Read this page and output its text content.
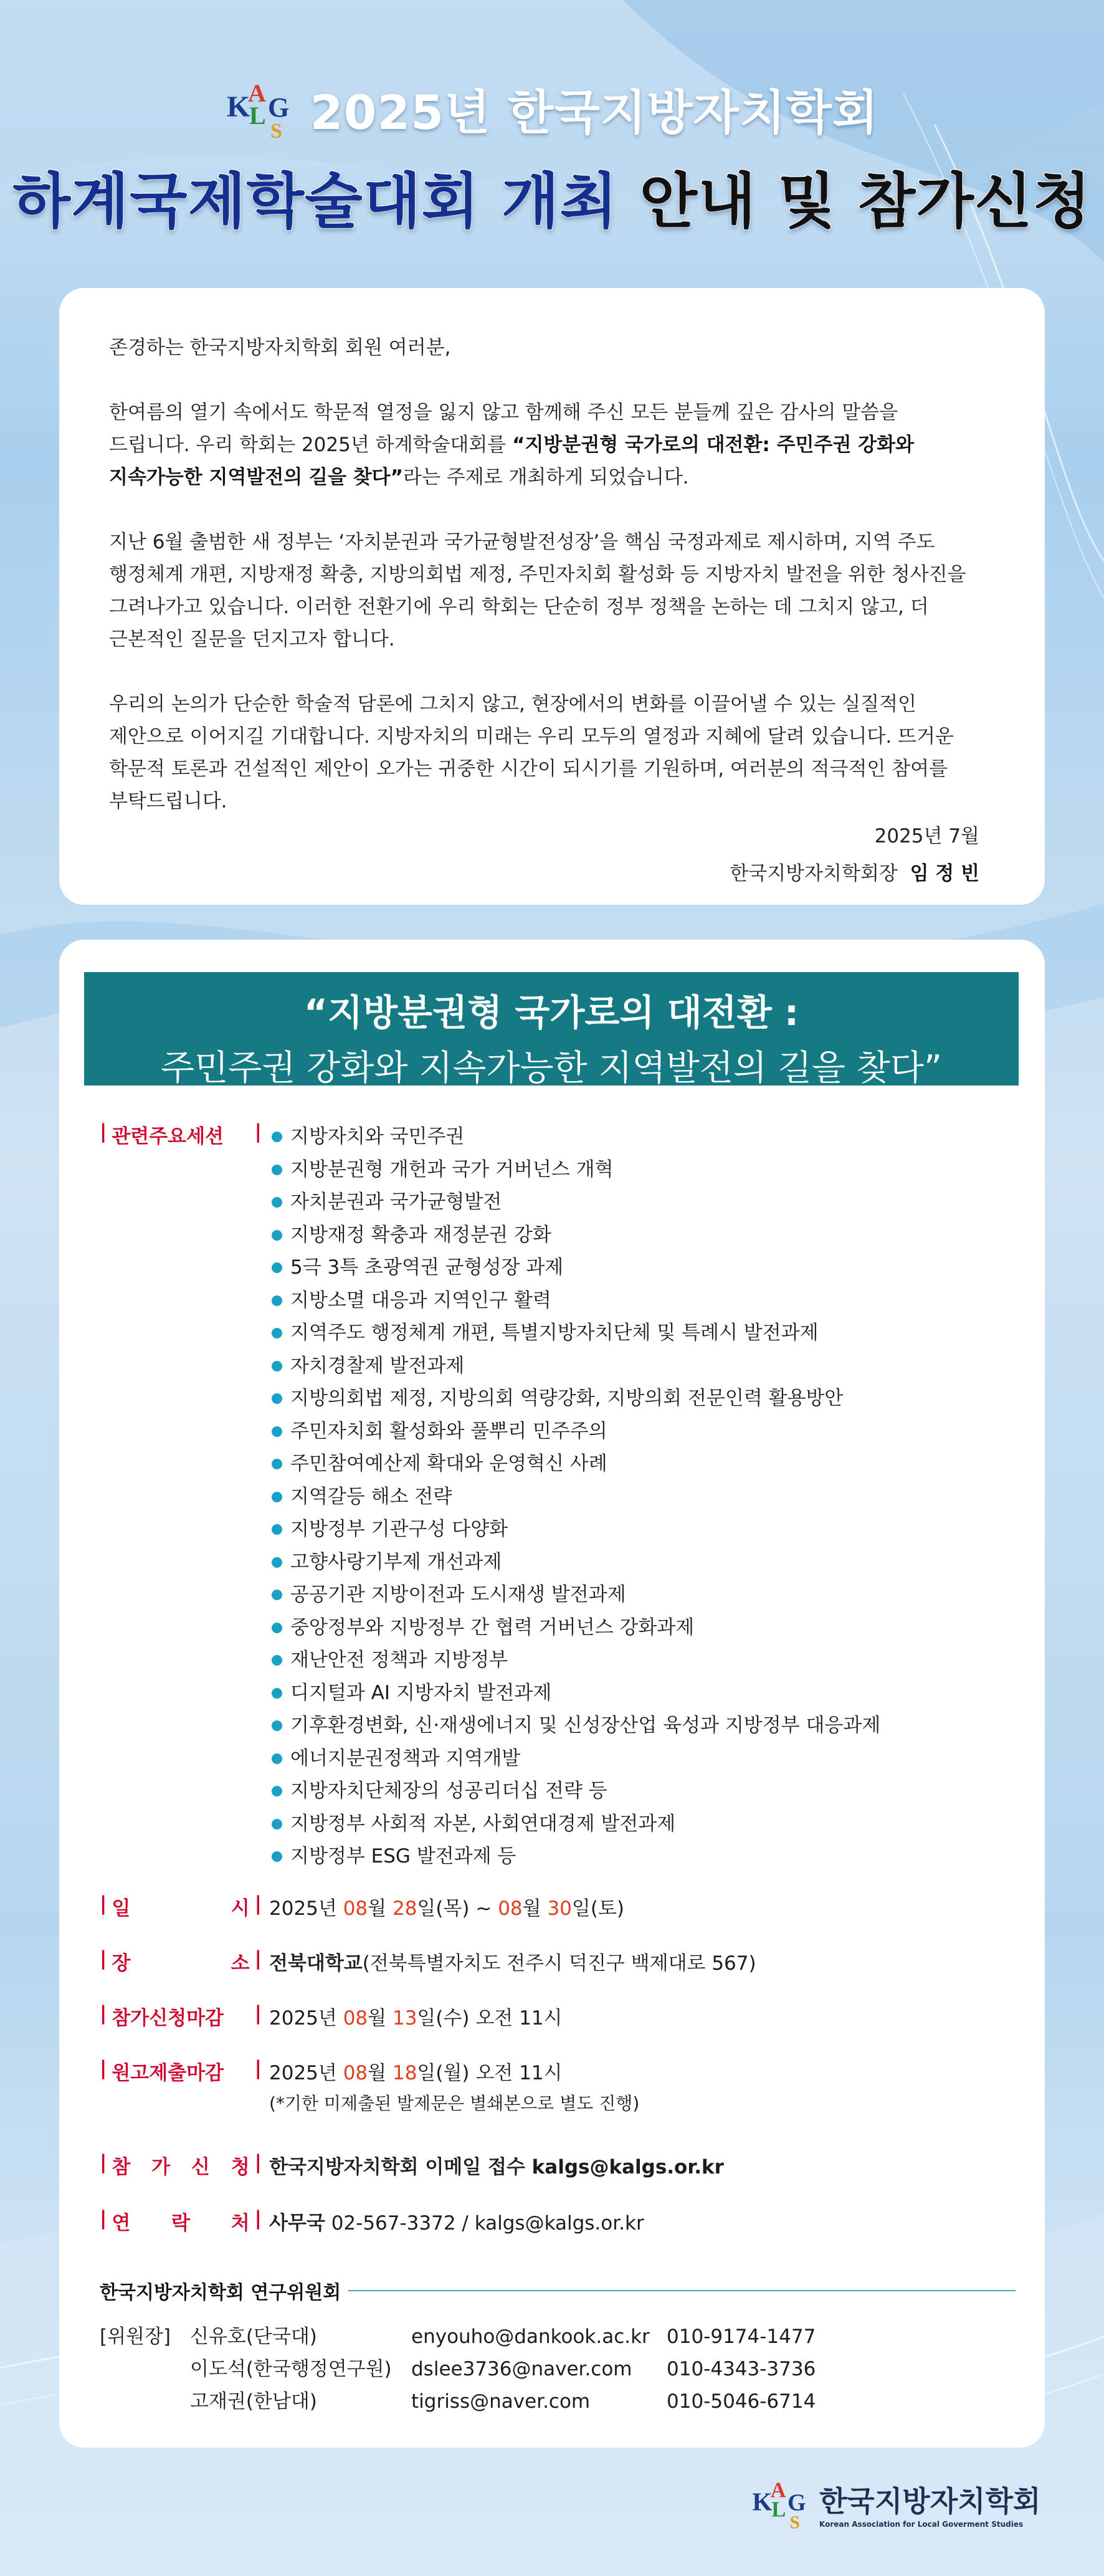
K
A
L G
S 2025년 한국지방자치학회
하계국제학술대회 개최 안내 및 참가신청

존경하는 한국지방자치학회 회원 여러분,

한여름의 열기 속에서도 학문적 열정을 잃지 않고 함께해 주신 모든 분들께 깊은 감사의 말씀을 드립니다. 우리 학회는 2025년 하계학술대회를 “지방분권형 국가로의 대전환: 주민주권 강화와 지속가능한 지역발전의 길을 찾다”라는 주제로 개최하게 되었습니다.

지난 6월 출범한 새 정부는 ‘자치분권과 국가균형발전성장’을 핵심 국정과제로 제시하며, 지역 주도 행정체계 개편, 지방재정 확충, 지방의회법 제정, 주민자치회 활성화 등 지방자치 발전을 위한 청사진을 그려나가고 있습니다. 이러한 전환기에 우리 학회는 단순히 정부 정책을 논하는 데 그치지 않고, 더 근본적인 질문을 던지고자 합니다.

우리의 논의가 단순한 학술적 담론에 그치지 않고, 현장에서의 변화를 이끌어낼 수 있는 실질적인 제안으로 이어지길 기대합니다. 지방자치의 미래는 우리 모두의 열정과 지혜에 달려 있습니다. 뜨거운 학문적 토론과 건설적인 제안이 오가는 귀중한 시간이 되시기를 기원하며, 여러분의 적극적인 참여를 부탁드립니다.

2025년 7월
한국지방자치학회장 임 정 빈
“지방분권형 국가로의 대전환 :
주민주권 강화와 지속가능한 지역발전의 길을 찾다”
| 관련주요세션	|	지방자치와 국민주권
지방분권형 개헌과 국가 거버넌스 개혁
자치분권과 국가균형발전
지방재정 확충과 재정분권 강화
5극 3특 초광역권 균형성장 과제
지방소멸 대응과 지역인구 활력
지역주도 행정체계 개편, 특별지방자치단체 및 특례시 발전과제
자치경찰제 발전과제
지방의회법 제정, 지방의회 역량강화, 지방의회 전문인력 활용방안
주민자치회 활성화와 풀뿌리 민주주의
주민참여예산제 확대와 운영혁신 사례
지역갈등 해소 전략
지방정부 기관구성 다양화
고향사랑기부제 개선과제
공공기관 지방이전과 도시재생 발전과제
중앙정부와 지방정부 간 협력 거버넌스 강화과제
재난안전 정책과 지방정부
디지털과 AI 지방자치 발전과제
기후환경변화, 신·재생에너지 및 신성장산업 육성과 지방정부 대응과제
에너지분권정책과 지역개발
지방자치단체장의 성공리더십 전략 등
지방정부 사회적 자본, 사회연대경제 발전과제
지방정부 ESG 발전과제 등
| 일	시 | 2025년 08월 28일(목) ~ 08월 30일(토)
| 장	소 | 전북대학교(전북특별자치도 전주시 덕진구 백제대로 567)
| 참가신청마감	| 2025년 08월 13일(수) 오전 11시
| 원고제출마감	| 2025년 08월 18일(월) 오전 11시
(*기한 미제출된 발제문은 별쇄본으로 별도 진행)
| 참 가 신 청 | 한국지방자치학회 이메일 접수 kalgs@kalgs.or.kr
| 연 락 처 | 사무국 02-567-3372 / kalgs@kalgs.or.kr
한국지방자치학회 연구위원회
[위원장] 신유호(단국대)	enyouho@dankook.ac.kr 010-9174-1477
이도석(한국행정연구원)	dslee3736@naver.com	010-4343-3736
고재권(한남대)	tigriss@naver.com	010-5046-6714
K
A
L G
S
한국지방자치학회
Korean Association for Local Goverment Studies
